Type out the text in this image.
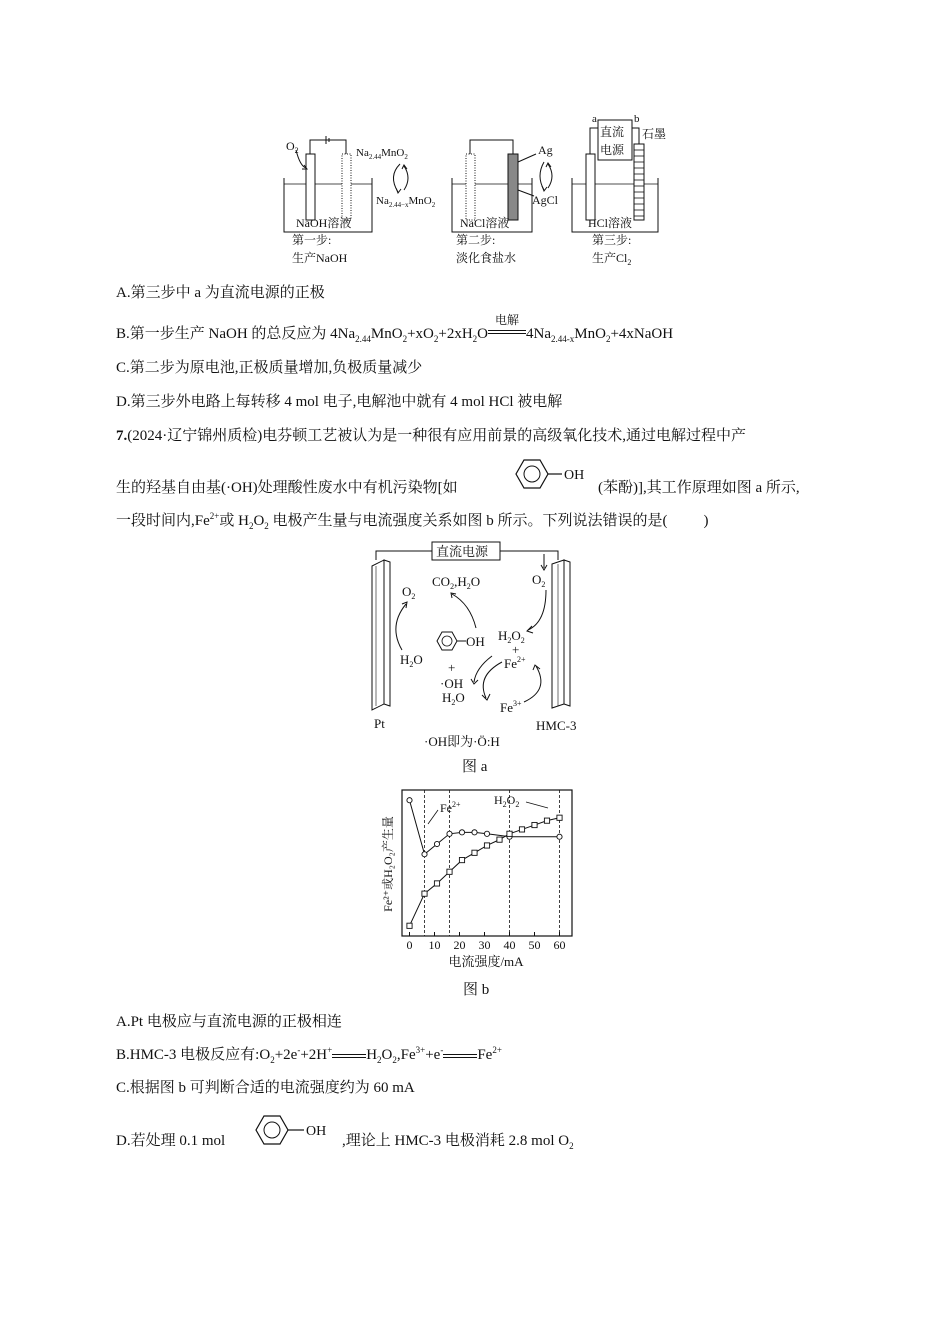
$O_2$	$Na_{2.44}MnO_2$
$Na_{2.44-x}MnO_2$
NaOH溶液
第一步:
生产NaOH
Ag
AgCl
NaCl溶液
第二步:
淡化食盐水
a	b
直流
电源
石墨
HCl溶液
第三步:
生产$Cl_2$
A.第三步中 a 为直流电源的正极
B.第一步生产 NaOH 的总反应为 $4Na_{2.44}MnO_2+xO_2+2xH_2O$
电解
$4Na_{2.44-x}MnO_2+4xNaOH$
C.第二步为原电池,正极质量增加,负极质量减少
D.第三步外电路上每转移 4 mol 电子,电解池中就有 4 mol HCl 被电解
7.(2024·辽宁锦州质检)电芬顿工艺被认为是一种很有应用前景的高级氧化技术,通过电解过程中产
生的羟基自由基(·OH)处理酸性废水中有机污染物[如
OH
(苯酚)],其工作原理如图 a 所示,
一段时间内$,Fe^{2+}$或 $H_2O_2$ 电极产生量与电流强度关系如图 b 所示。下列说法错误的是( )
直流电源
Pt	HMC-3
$O_2$
$H_2O$
$CO_2,H_2O$
OH
+
·OH
$H_2O$
$O_2$
$H_2O_2$
+
$Fe^{2+}$
$Fe^{3+}$
·OH即为·Ö:H
图 a
0 10 20 30 40 50 60
$Fe^{2+}$	$H_2O_2$
Fe²⁺或H₂O₂产生量
电流强度/mA
图 b
A.Pt 电极应与直流电源的正极相连
B.HMC-3 电极反应有$:O_2+2e^-+2H^+$ $H_2O_2,Fe^{3+}+e^-$ $Fe^{2+}$
C.根据图 b 可判断合适的电流强度约为 60 mA
D.若处理 0.1 mol
OH
,理论上 HMC-3 电极消耗 2.8 mol $O_2$
